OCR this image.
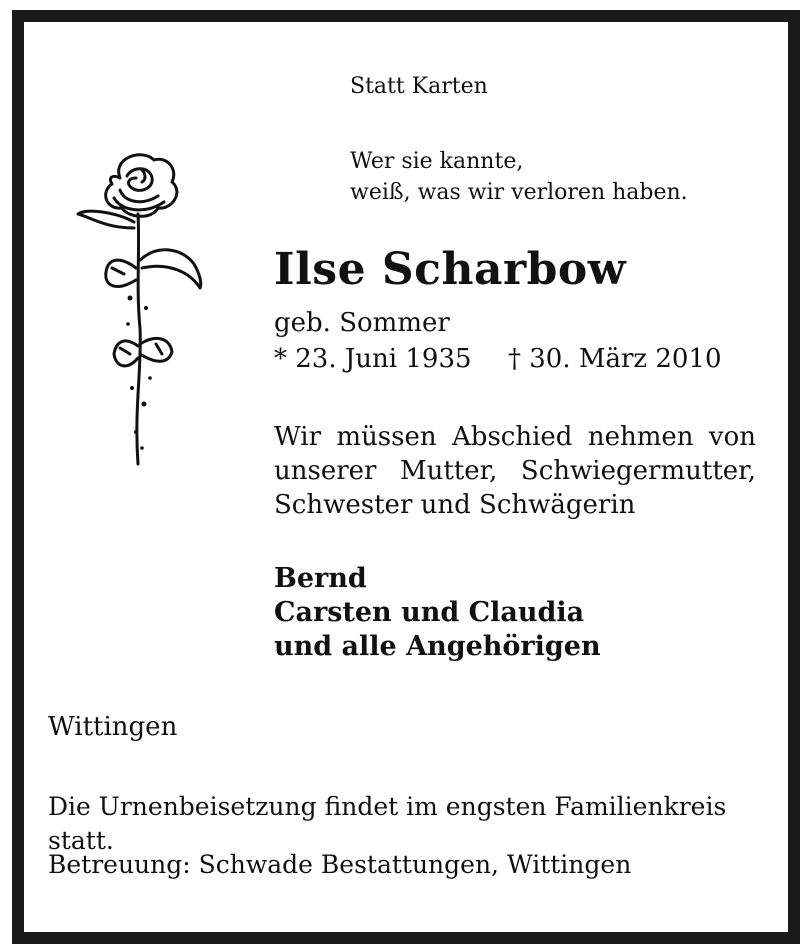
Statt Karten
Wer sie kannte,
weiß, was wir verloren haben.
Ilse Scharbow
geb. Sommer
* 23. Juni 1935 † 30. März 2010
Wir müssen Abschied nehmen von unserer Mutter, Schwiegermutter, Schwester und Schwägerin
Bernd
Carsten und Claudia
und alle Angehörigen
Wittingen
Die Urnenbeisetzung findet im engsten Familienkreis statt.
Betreuung: Schwade Bestattungen, Wittingen
